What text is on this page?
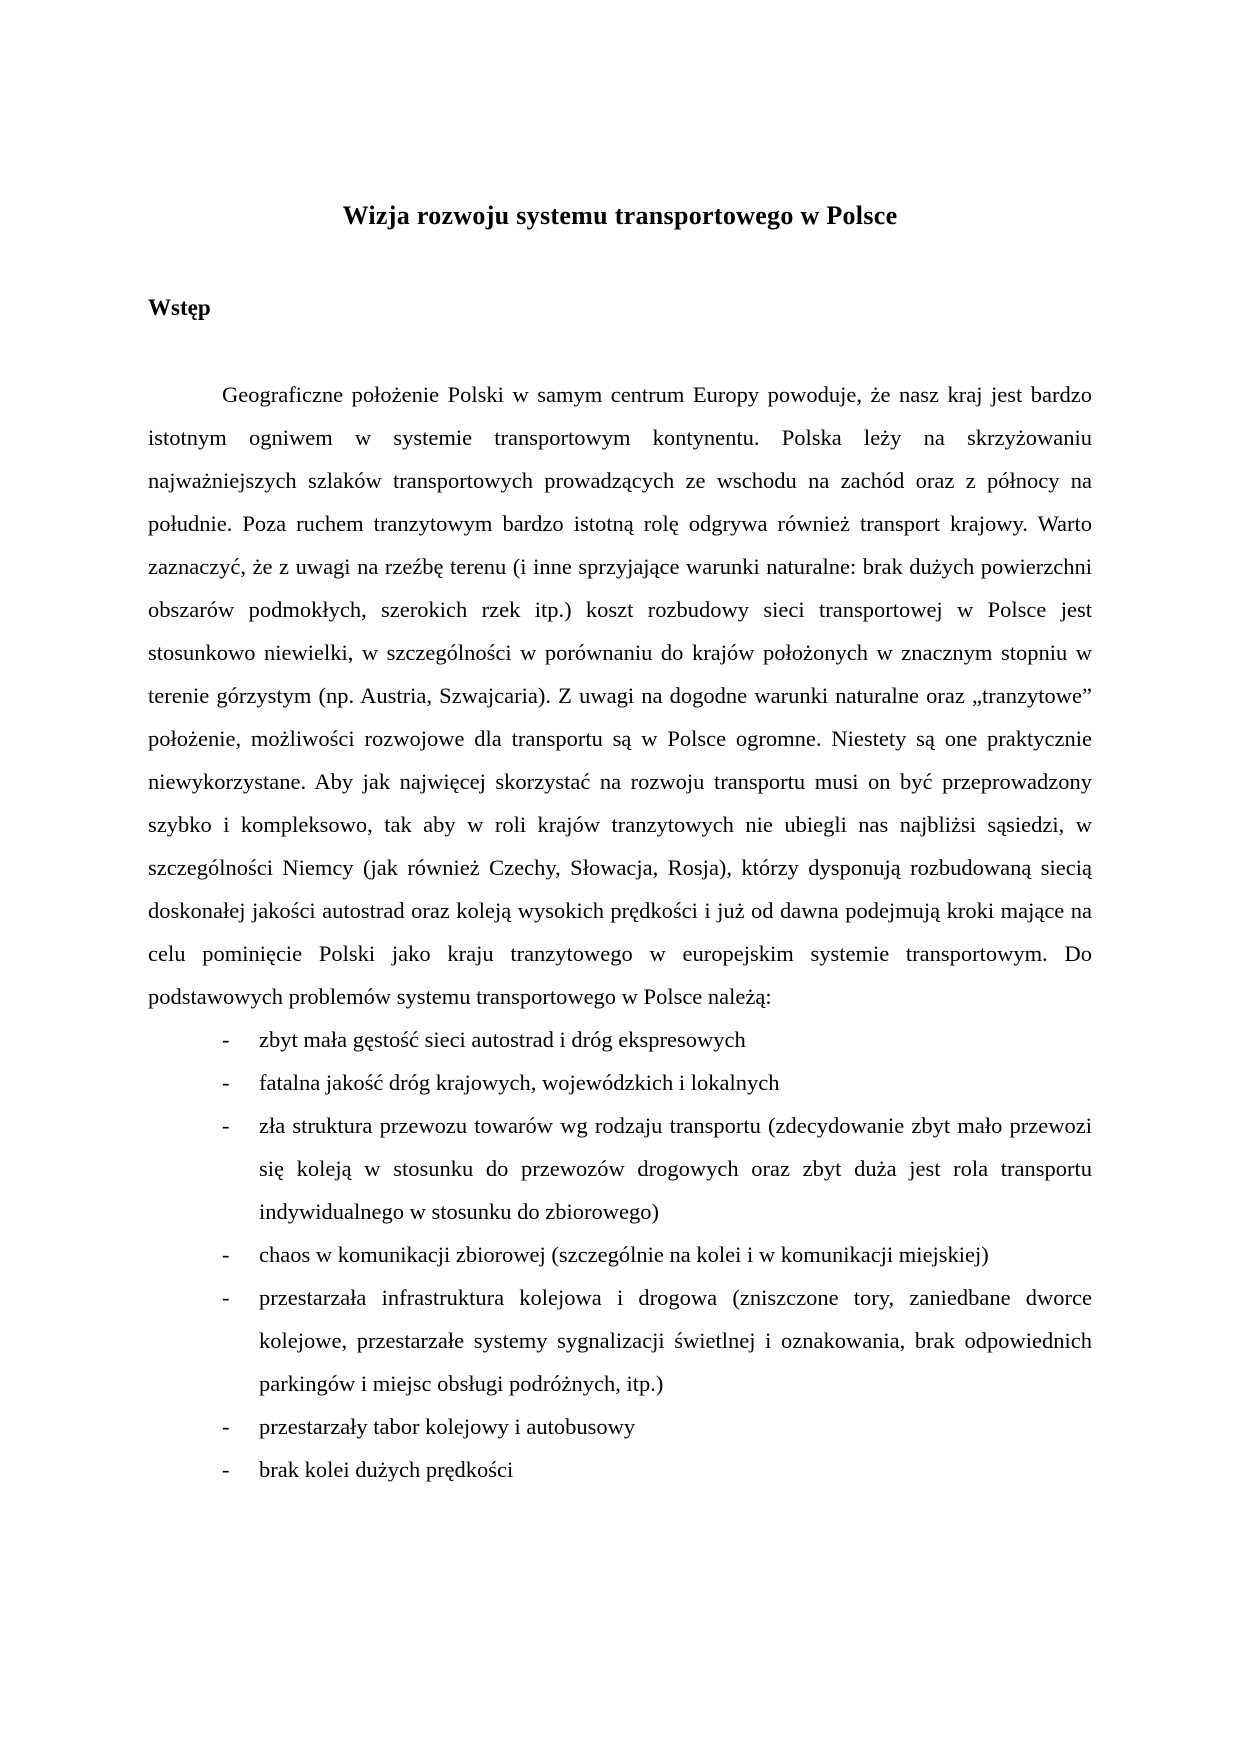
Wizja rozwoju systemu transportowego w Polsce
Wstęp

Geograficzne położenie Polski w samym centrum Europy powoduje, że nasz kraj jest bardzo istotnym ogniwem w systemie transportowym kontynentu. Polska leży na skrzyżowaniu najważniejszych szlaków transportowych prowadzących ze wschodu na zachód oraz z północy na południe. Poza ruchem tranzytowym bardzo istotną rolę odgrywa również transport krajowy. Warto zaznaczyć, że z uwagi na rzeźbę terenu (i inne sprzyjające warunki naturalne: brak dużych powierzchni obszarów podmokłych, szerokich rzek itp.) koszt rozbudowy sieci transportowej w Polsce jest stosunkowo niewielki, w szczególności w porównaniu do krajów położonych w znacznym stopniu w terenie górzystym (np. Austria, Szwajcaria). Z uwagi na dogodne warunki naturalne oraz „tranzytowe” położenie, możliwości rozwojowe dla transportu są w Polsce ogromne. Niestety są one praktycznie niewykorzystane. Aby jak najwięcej skorzystać na rozwoju transportu musi on być przeprowadzony szybko i kompleksowo, tak aby w roli krajów tranzytowych nie ubiegli nas najbliżsi sąsiedzi, w szczególności Niemcy (jak również Czechy, Słowacja, Rosja), którzy dysponują rozbudowaną siecią doskonałej jakości autostrad oraz koleją wysokich prędkości i już od dawna podejmują kroki mające na celu pominięcie Polski jako kraju tranzytowego w europejskim systemie transportowym. Do podstawowych problemów systemu transportowego w Polsce należą:

- zbyt mała gęstość sieci autostrad i dróg ekspresowych
- fatalna jakość dróg krajowych, wojewódzkich i lokalnych
- zła struktura przewozu towarów wg rodzaju transportu (zdecydowanie zbyt mało przewozi się koleją w stosunku do przewozów drogowych oraz zbyt duża jest rola transportu indywidualnego w stosunku do zbiorowego)
- chaos w komunikacji zbiorowej (szczególnie na kolei i w komunikacji miejskiej)
- przestarzała infrastruktura kolejowa i drogowa (zniszczone tory, zaniedbane dworce kolejowe, przestarzałe systemy sygnalizacji świetlnej i oznakowania, brak odpowiednich parkingów i miejsc obsługi podróżnych, itp.)
- przestarzały tabor kolejowy i autobusowy
- brak kolei dużych prędkości
